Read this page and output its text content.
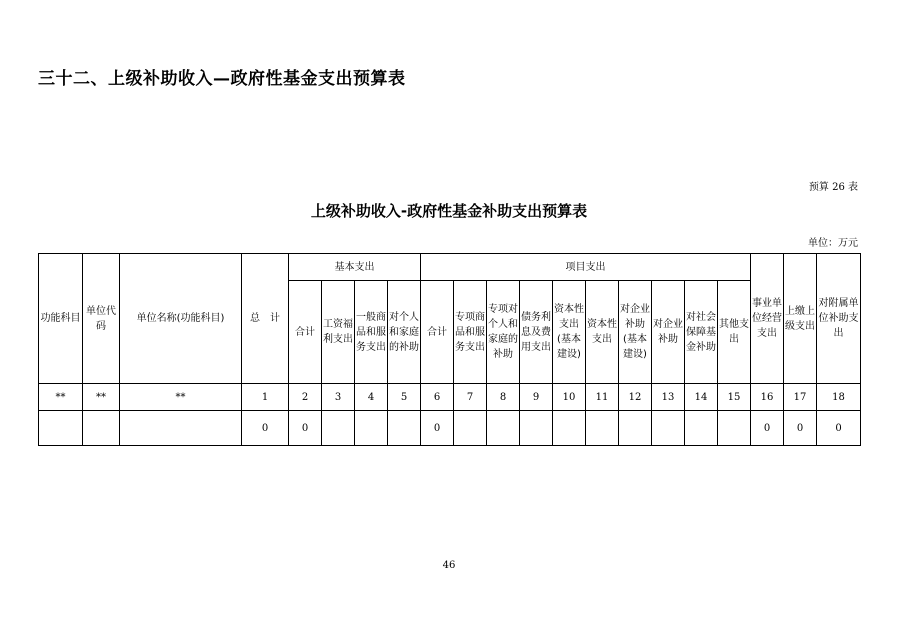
三十二、上级补助收入—政府性基金支出预算表
预算 26 表
上级补助收入-政府性基金补助支出预算表
单位：万元
功能科目	单位代码	单位名称(功能科目)	总　计	基本支出				项目支出										事业单位经营支出	上缴上级支出	对附属单位补助支出

				合计	工资福利支出	一般商品和服务支出	对个人和家庭的补助	合计	专项商品和服务支出	专项对个人和家庭的补助	债务利息及费用支出	资本性支出(基本建设)	资本性支出	对企业补助(基本建设)	对企业补助	对社会保障基金补助	其他支出			

**	**	**	1	2	3	4	5	6	7	8	9	10	11	12	13	14	15	16	17	18
			0	0				0										0	0	0
46
